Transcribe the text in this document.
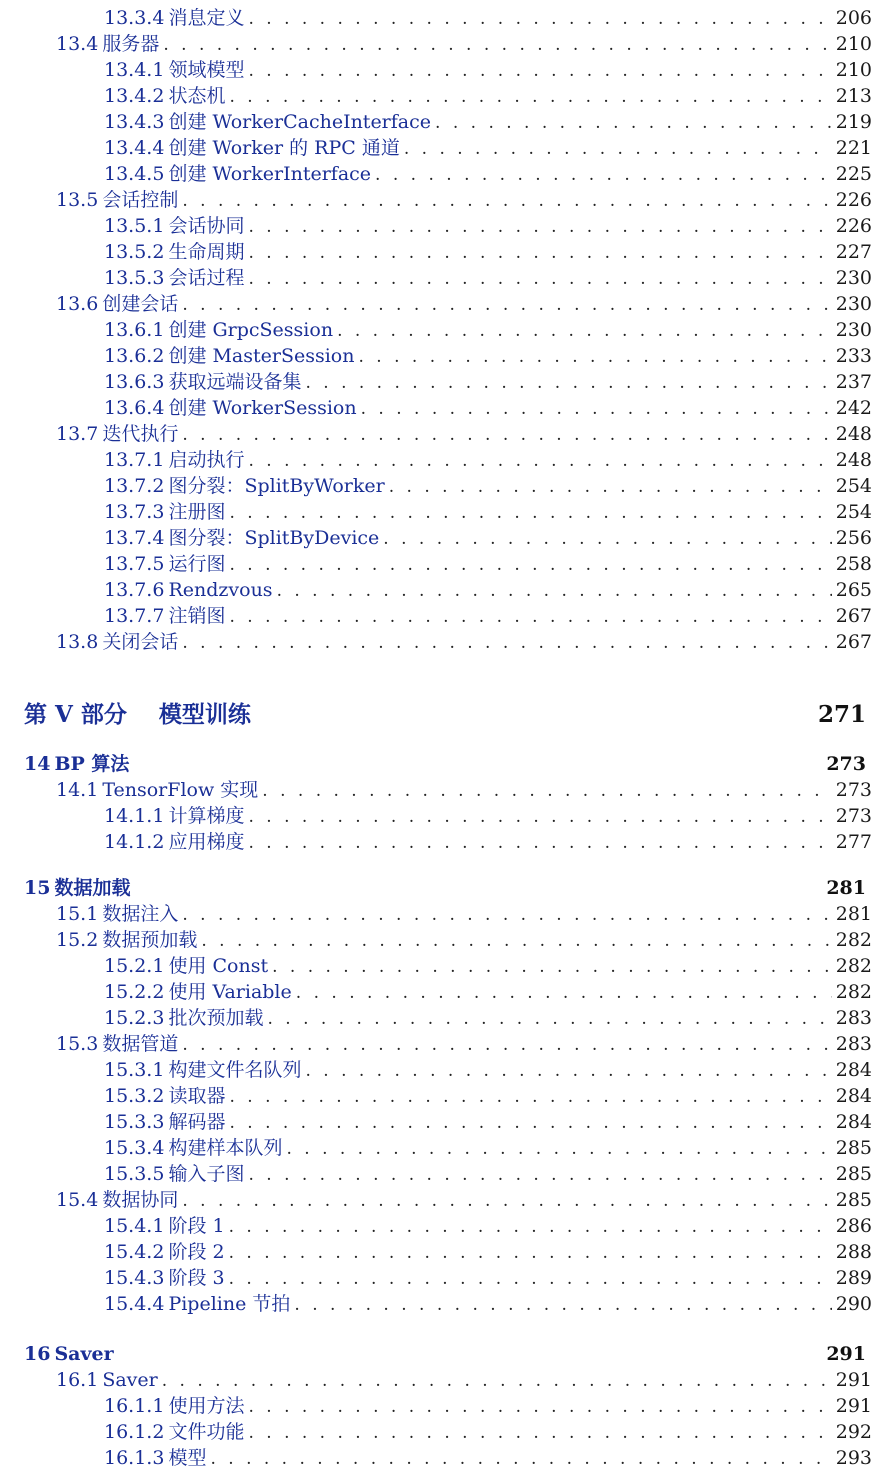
13.3.4 消息定义 . . .	206
13.4 服务器 . . .	210
13.4.1 领域模型 . . .	210
13.4.2 状态机 . . .	213
13.4.3 创建 WorkerCacheInterface . . .	219
13.4.4 创建 Worker 的 RPC 通道 . . .	221
13.4.5 创建 WorkerInterface . . .	225
13.5 会话控制 . . .	226
13.5.1 会话协同 . . .	226
13.5.2 生命周期 . . .	227
13.5.3 会话过程 . . .	230
13.6 创建会话 . . .	230
13.6.1 创建 GrpcSession . . .	230
13.6.2 创建 MasterSession . . .	233
13.6.3 获取远端设备集 . . .	237
13.6.4 创建 WorkerSession . . .	242
13.7 迭代执行 . . .	248
13.7.1 启动执行 . . .	248
13.7.2 图分裂：SplitByWorker . . .	254
13.7.3 注册图 . . .	254
13.7.4 图分裂：SplitByDevice . . .	256
13.7.5 运行图 . . .	258
13.7.6 Rendzvous . . .	265
13.7.7 注销图 . . .	267
13.8 关闭会话 . . .	267
第 V 部分 模型训练	271
14 BP 算法	273
14.1 TensorFlow 实现 . . .	273
14.1.1 计算梯度 . . .	273
14.1.2 应用梯度 . . .	277
15 数据加载	281
15.1 数据注入 . . .	281
15.2 数据预加载 . . .	282
15.2.1 使用 Const . . .	282
15.2.2 使用 Variable . . .	282
15.2.3 批次预加载 . . .	283
15.3 数据管道 . . .	283
15.3.1 构建文件名队列 . . .	284
15.3.2 读取器 . . .	284
15.3.3 解码器 . . .	284
15.3.4 构建样本队列 . . .	285
15.3.5 输入子图 . . .	285
15.4 数据协同 . . .	285
15.4.1 阶段 1 . . .	286
15.4.2 阶段 2 . . .	288
15.4.3 阶段 3 . . .	289
15.4.4 Pipeline 节拍 . . .	290
16 Saver	291
16.1 Saver . . .	291
16.1.1 使用方法 . . .	291
16.1.2 文件功能 . . .	292
16.1.3 模型 . . .	293
